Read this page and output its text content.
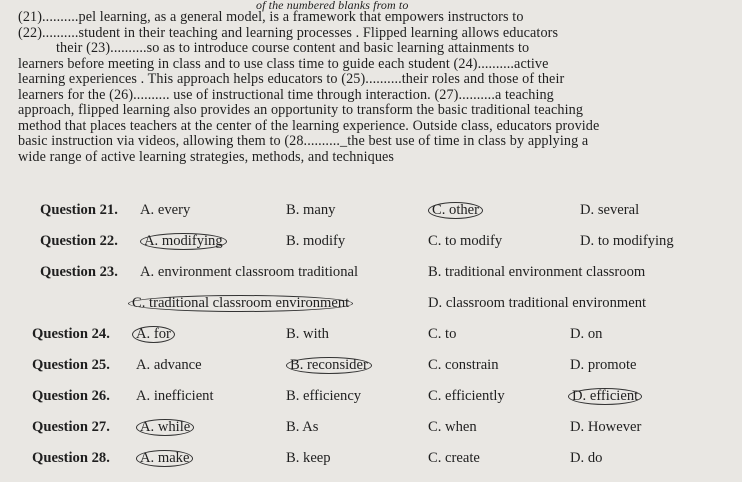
of the numbered blanks from to
(21)..........pel learning, as a general model, is a framework that empowers instructors to
(22)..........student in their teaching and learning processes . Flipped learning allows educators
their (23)..........so as to introduce course content and basic learning attainments to
learners before meeting in class and to use class time to guide each student (24)..........active
learning experiences . This approach helps educators to (25)..........their roles and those of their
learners for the (26).......... use of instructional time through interaction. (27)..........a teaching
approach, flipped learning also provides an opportunity to transform the basic traditional teaching
method that places teachers at the center of the learning experience. Outside class, educators provide
basic instruction via videos, allowing them to (28.........._the best use of time in class by applying a
wide range of active learning strategies, methods, and techniques
Question 21. A. every	B. many	C. other	D. several
Question 22. A. modifying	B. modify	C. to modify	D. to modifying
Question 23. A. environment classroom traditional	B. traditional environment classroom
C. traditional classroom environment	D. classroom traditional environment
Question 24. A. for	B. with	C. to	D. on
Question 25. A. advance	B. reconsider	C. constrain	D. promote
Question 26. A. inefficient	B. efficiency	C. efficiently	D. efficient
Question 27. A. while	B. As	C. when	D. However
Question 28. A. make	B. keep	C. create	D. do
